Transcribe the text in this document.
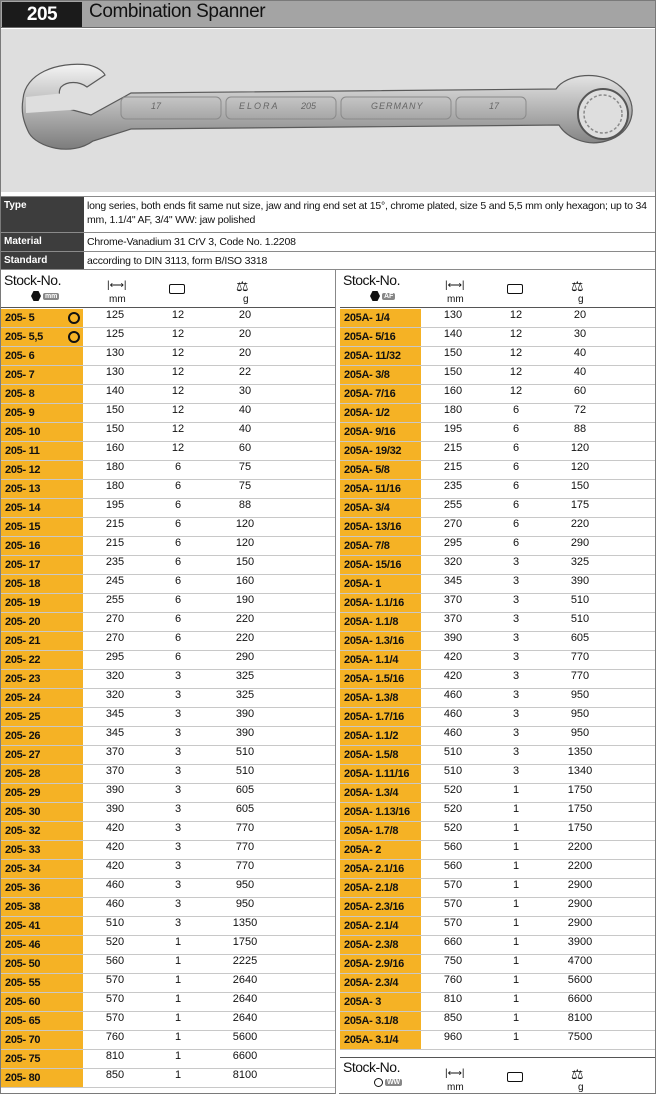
205	Combination Spanner
17	ELORA 205	GERMANY	17
Type	long series, both ends fit same nut size, jaw and ring end set at 15°, chrome plated, size 5 and 5,5 mm only hexagon; up to 34 mm, 1.1/4" AF, 3/4" WW: jaw polished
Material	Chrome-Vanadium 31 CrV 3, Code No. 1.2208
Standard	according to DIN 3113, form B/ISO 3318
Stock-No.
mm
|⟷|
mm
⚖
g
205- 5	125	12	20
205- 5,5	125	12	20
205- 6	130	12	20
205- 7	130	12	22
205- 8	140	12	30
205- 9	150	12	40
205- 10	150	12	40
205- 11	160	12	60
205- 12	180	6	75
205- 13	180	6	75
205- 14	195	6	88
205- 15	215	6	120
205- 16	215	6	120
205- 17	235	6	150
205- 18	245	6	160
205- 19	255	6	190
205- 20	270	6	220
205- 21	270	6	220
205- 22	295	6	290
205- 23	320	3	325
205- 24	320	3	325
205- 25	345	3	390
205- 26	345	3	390
205- 27	370	3	510
205- 28	370	3	510
205- 29	390	3	605
205- 30	390	3	605
205- 32	420	3	770
205- 33	420	3	770
205- 34	420	3	770
205- 36	460	3	950
205- 38	460	3	950
205- 41	510	3	1350
205- 46	520	1	1750
205- 50	560	1	2225
205- 55	570	1	2640
205- 60	570	1	2640
205- 65	570	1	2640
205- 70	760	1	5600
205- 75	810	1	6600
205- 80	850	1	8100
Stock-No.
AF
|⟷|
mm
⚖
g
205A- 1/4	130	12	20
205A- 5/16	140	12	30
205A- 11/32	150	12	40
205A- 3/8	150	12	40
205A- 7/16	160	12	60
205A- 1/2	180	6	72
205A- 9/16	195	6	88
205A- 19/32	215	6	120
205A- 5/8	215	6	120
205A- 11/16	235	6	150
205A- 3/4	255	6	175
205A- 13/16	270	6	220
205A- 7/8	295	6	290
205A- 15/16	320	3	325
205A- 1	345	3	390
205A- 1.1/16	370	3	510
205A- 1.1/8	370	3	510
205A- 1.3/16	390	3	605
205A- 1.1/4	420	3	770
205A- 1.5/16	420	3	770
205A- 1.3/8	460	3	950
205A- 1.7/16	460	3	950
205A- 1.1/2	460	3	950
205A- 1.5/8	510	3	1350
205A- 1.11/16	510	3	1340
205A- 1.3/4	520	1	1750
205A- 1.13/16	520	1	1750
205A- 1.7/8	520	1	1750
205A- 2	560	1	2200
205A- 2.1/16	560	1	2200
205A- 2.1/8	570	1	2900
205A- 2.3/16	570	1	2900
205A- 2.1/4	570	1	2900
205A- 2.3/8	660	1	3900
205A- 2.9/16	750	1	4700
205A- 2.3/4	760	1	5600
205A- 3	810	1	6600
205A- 3.1/8	850	1	8100
205A- 3.1/4	960	1	7500
Stock-No.
WW
|⟷|
mm
⚖
g
